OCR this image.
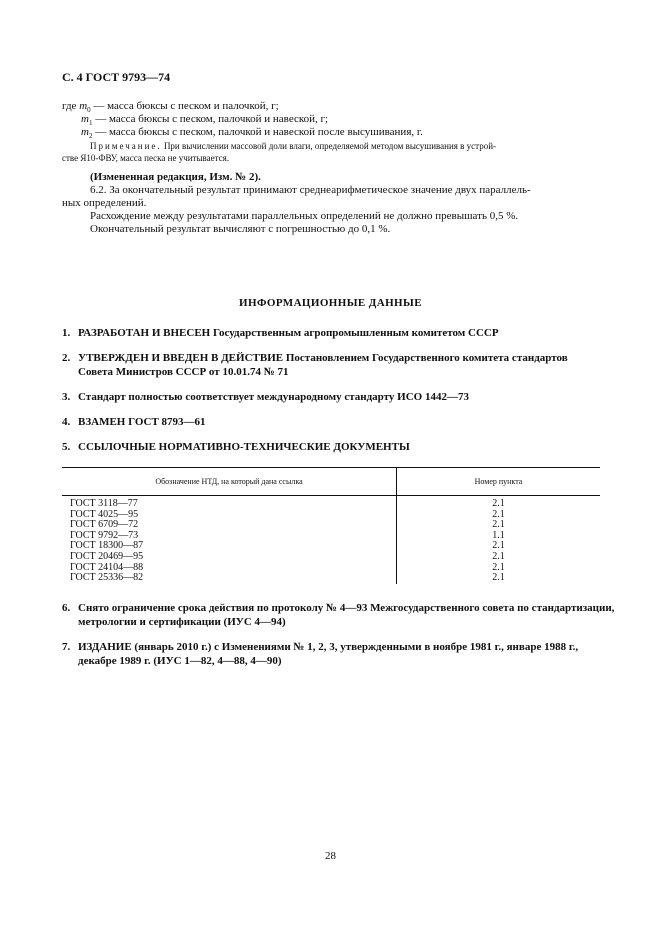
С. 4 ГОСТ 9793—74
где $m_0$ — масса бюксы с песком и палочкой, г;
$m_1$ — масса бюксы с песком, палочкой и навеской, г;
$m_2$ — масса бюксы с песком, палочкой и навеской после высушивания, г.
Примечание. При вычислении массовой доли влаги, определяемой методом высушивания в устрой-
стве Я10-ФВУ, масса песка не учитывается.
(Измененная редакция, Изм. № 2).
6.2. За окончательный результат принимают среднеарифметическое значение двух параллель-
ных определений.
Расхождение между результатами параллельных определений не должно превышать 0,5 %.
Окончательный результат вычисляют с погрешностью до 0,1 %.
ИНФОРМАЦИОННЫЕ ДАННЫЕ
1. РАЗРАБОТАН И ВНЕСЕН Государственным агропромышленным комитетом СССР
2. УТВЕРЖДЕН И ВВЕДЕН В ДЕЙСТВИЕ Постановлением Государственного комитета стандартов
Совета Министров СССР от 10.01.74 № 71
3. Стандарт полностью соответствует международному стандарту ИСО 1442—73
4. ВЗАМЕН ГОСТ 8793—61
5. ССЫЛОЧНЫЕ НОРМАТИВНО-ТЕХНИЧЕСКИЕ ДОКУМЕНТЫ
Обозначение НТД, на который дана ссылка	Номер пункта
ГОСТ 3118—77	2.1
ГОСТ 4025—95	2.1
ГОСТ 6709—72	2.1
ГОСТ 9792—73	1.1
ГОСТ 18300—87	2.1
ГОСТ 20469—95	2.1
ГОСТ 24104—88	2.1
ГОСТ 25336—82	2.1
6. Снято ограничение срока действия по протоколу № 4—93 Межгосударственного совета по стандартизации, метрологии и сертификации (ИУС 4—94)
7. ИЗДАНИЕ (январь 2010 г.) с Изменениями № 1, 2, 3, утвержденными в ноябре 1981 г., январе 1988 г., декабре 1989 г. (ИУС 1—82, 4—88, 4—90)
28
